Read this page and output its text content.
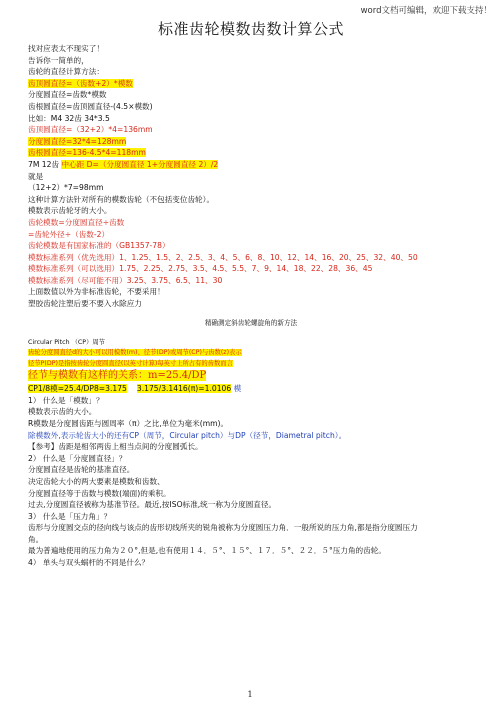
word文档可编辑，欢迎下载支持！
标准齿轮模数齿数计算公式
找对应表太不现实了！
告诉你一简单的，
齿轮的直径计算方法：
齿顶圆直径=（齿数+2）*模数
分度圆直径=齿数*模数
齿根圆直径=齿顶圆直径-(4.5×模数)
比如：M4 32齿 34*3.5
齿顶圆直径=（32+2）*4=136mm
分度圆直径=32*4=128mm
齿根圆直径=136-4.5*4=118mm
7M 12齿 中心距 D=（分度圆直径 1+分度圆直径 2）/2
就是
（12+2）*7=98mm
这种计算方法针对所有的模数齿轮（不包括变位齿轮）。
模数表示齿轮牙的大小。
齿轮模数=分度圆直径÷齿数
=齿轮外径÷（齿数-2）
齿轮模数是有国家标准的（GB1357-78）
模数标准系列（优先选用）1、1.25、1.5、2、2.5、3、4、5、6、8、10、12、14、16、20、25、32、40、50
模数标准系列（可以选用）1.75、2.25、2.75、3.5、4.5、5.5、7、9、14、18、22、28、36、45
模数标准系列（尽可能不用）3.25、3.75、6.5、11、30
上面数值以外为非标准齿轮，不要采用！
塑胶齿轮注塑后要不要入水除应力
精确测定斜齿轮螺旋角的新方法
Circular Pitch （CP）周节
齿轮分度圆直径d的大小可以用模数(m)、径节(DP)或周节(CP)与齿数(z)表示
径节P(DP)是指按齿轮分度圆直径(以英寸计算)每英寸上所占有的齿数而言
径节与模数有这样的关系：m=25.4/DP
CP1/8模=25.4/DP8=3.175 3.175/3.1416(π)=1.0106 模
1） 什么是「模数」？
模数表示齿的大小。
R模数是分度圆齿距与圆周率（π）之比,单位为毫米(mm)。
除模数外,表示轮齿大小的还有CP（周节，Circular pitch）与DP（径节，Diametral pitch）。
【参考】齿距是相邻两齿上相当点间的分度圆弧长。
2） 什么是「分度圆直径」？
分度圆直径是齿轮的基准直径。
决定齿轮大小的两大要素是模数和齿数、
分度圆直径等于齿数与模数(端面)的乘积。
过去,分度圆直径被称为基准节径。最近,按ISO标准,统一称为分度圆直径。
3） 什么是「压力角」？
齿形与分度圆交点的径向线与该点的齿形切线所夹的锐角被称为分度圆压力角．一般所说的压力角,都是指分度圆压力
角。
最为普遍地使用的压力角为２０°,但是,也有使用１４．５°、１５°、１７．５°、２２．５°压力角的齿轮。
4） 单头与双头蜗杆的不同是什么？
1
